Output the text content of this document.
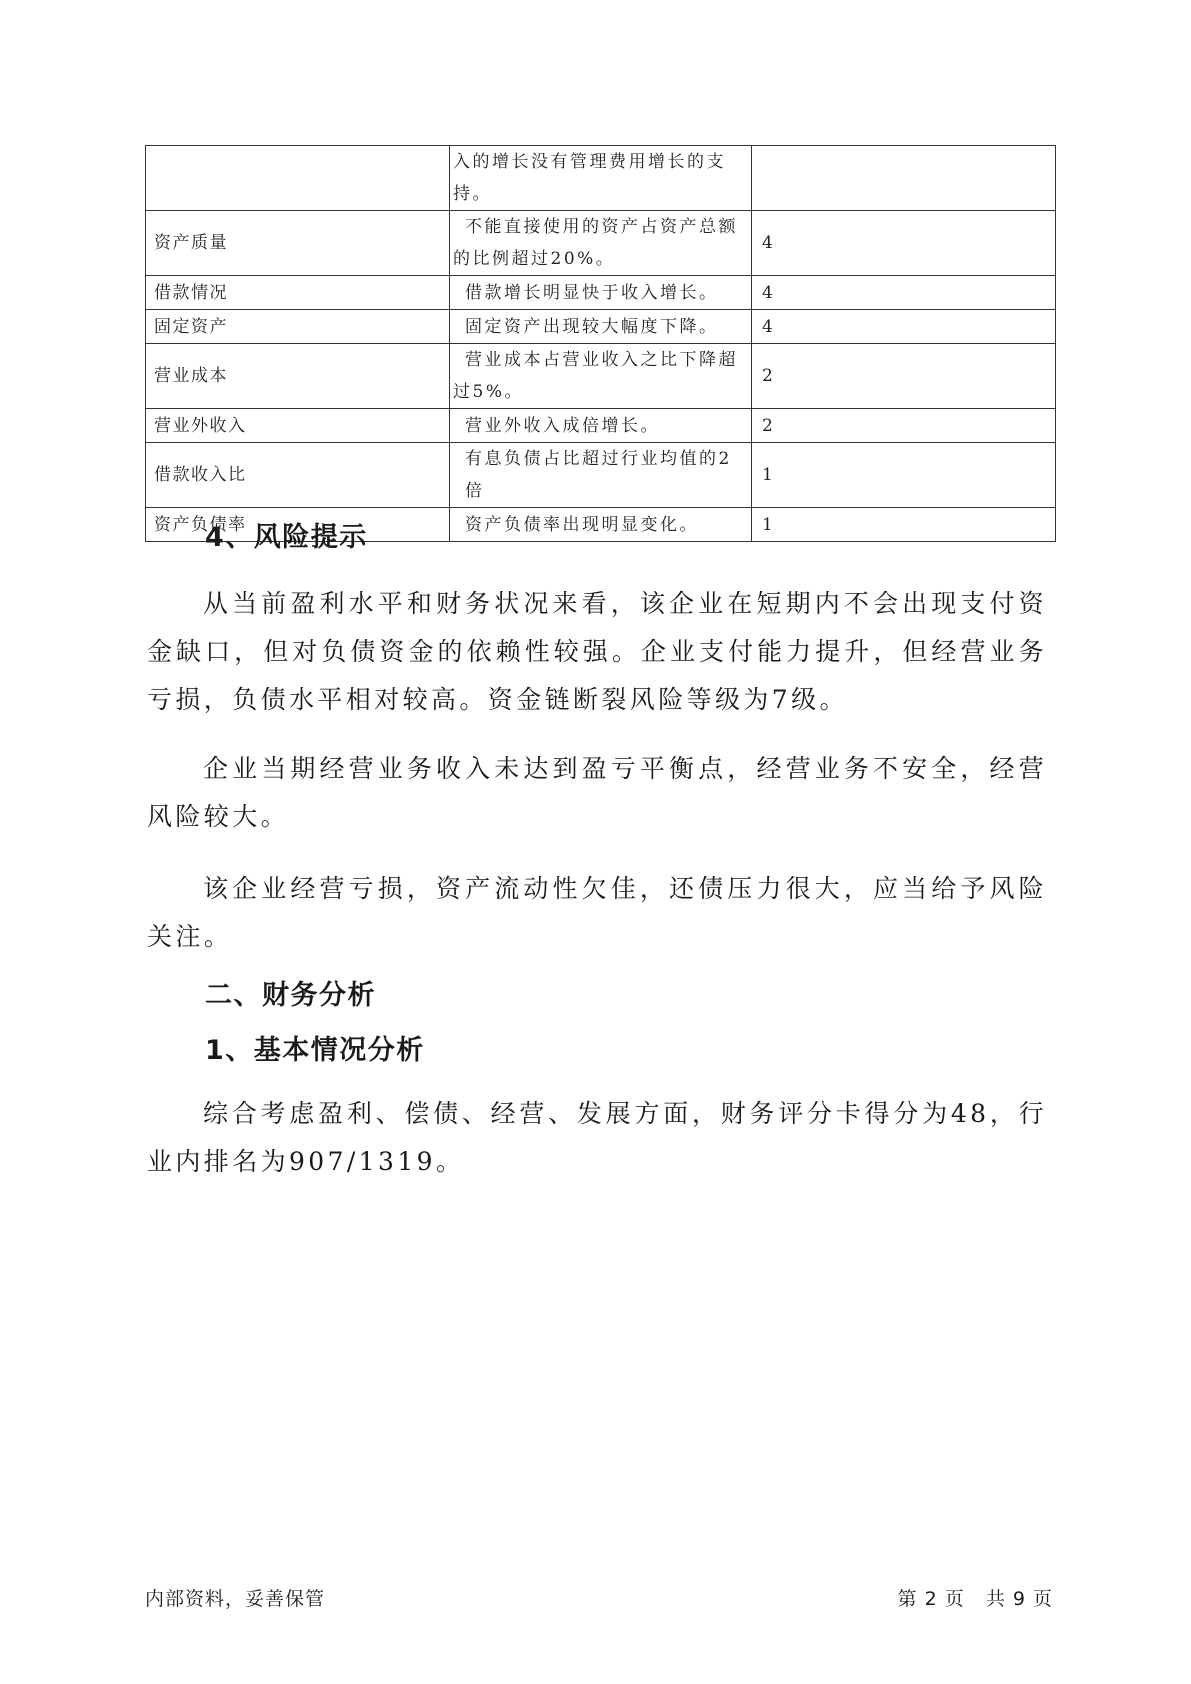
	入的增长没有管理费用增长的支
持。	

资产质量	不能直接使用的资产占资产总额
的比例超过20%。	4
借款情况	借款增长明显快于收入增长。	4
固定资产	固定资产出现较大幅度下降。	4
营业成本	营业成本占营业收入之比下降超
过5%。	2
营业外收入	营业外收入成倍增长。	2
借款收入比	有息负债占比超过行业均值的2倍	1
资产负债率	资产负债率出现明显变化。	1
4、风险提示

从当前盈利水平和财务状况来看，该企业在短期内不会出现支付资金缺口，但对负债资金的依赖性较强。企业支付能力提升，但经营业务亏损，负债水平相对较高。资金链断裂风险等级为7级。

企业当期经营业务收入未达到盈亏平衡点，经营业务不安全，经营风险较大。

该企业经营亏损，资产流动性欠佳，还债压力很大，应当给予风险关注。

二、财务分析
1、基本情况分析

综合考虑盈利、偿债、经营、发展方面，财务评分卡得分为48，行业内排名为907/1319。

内部资料，妥善保管	第 2 页   共 9 页
